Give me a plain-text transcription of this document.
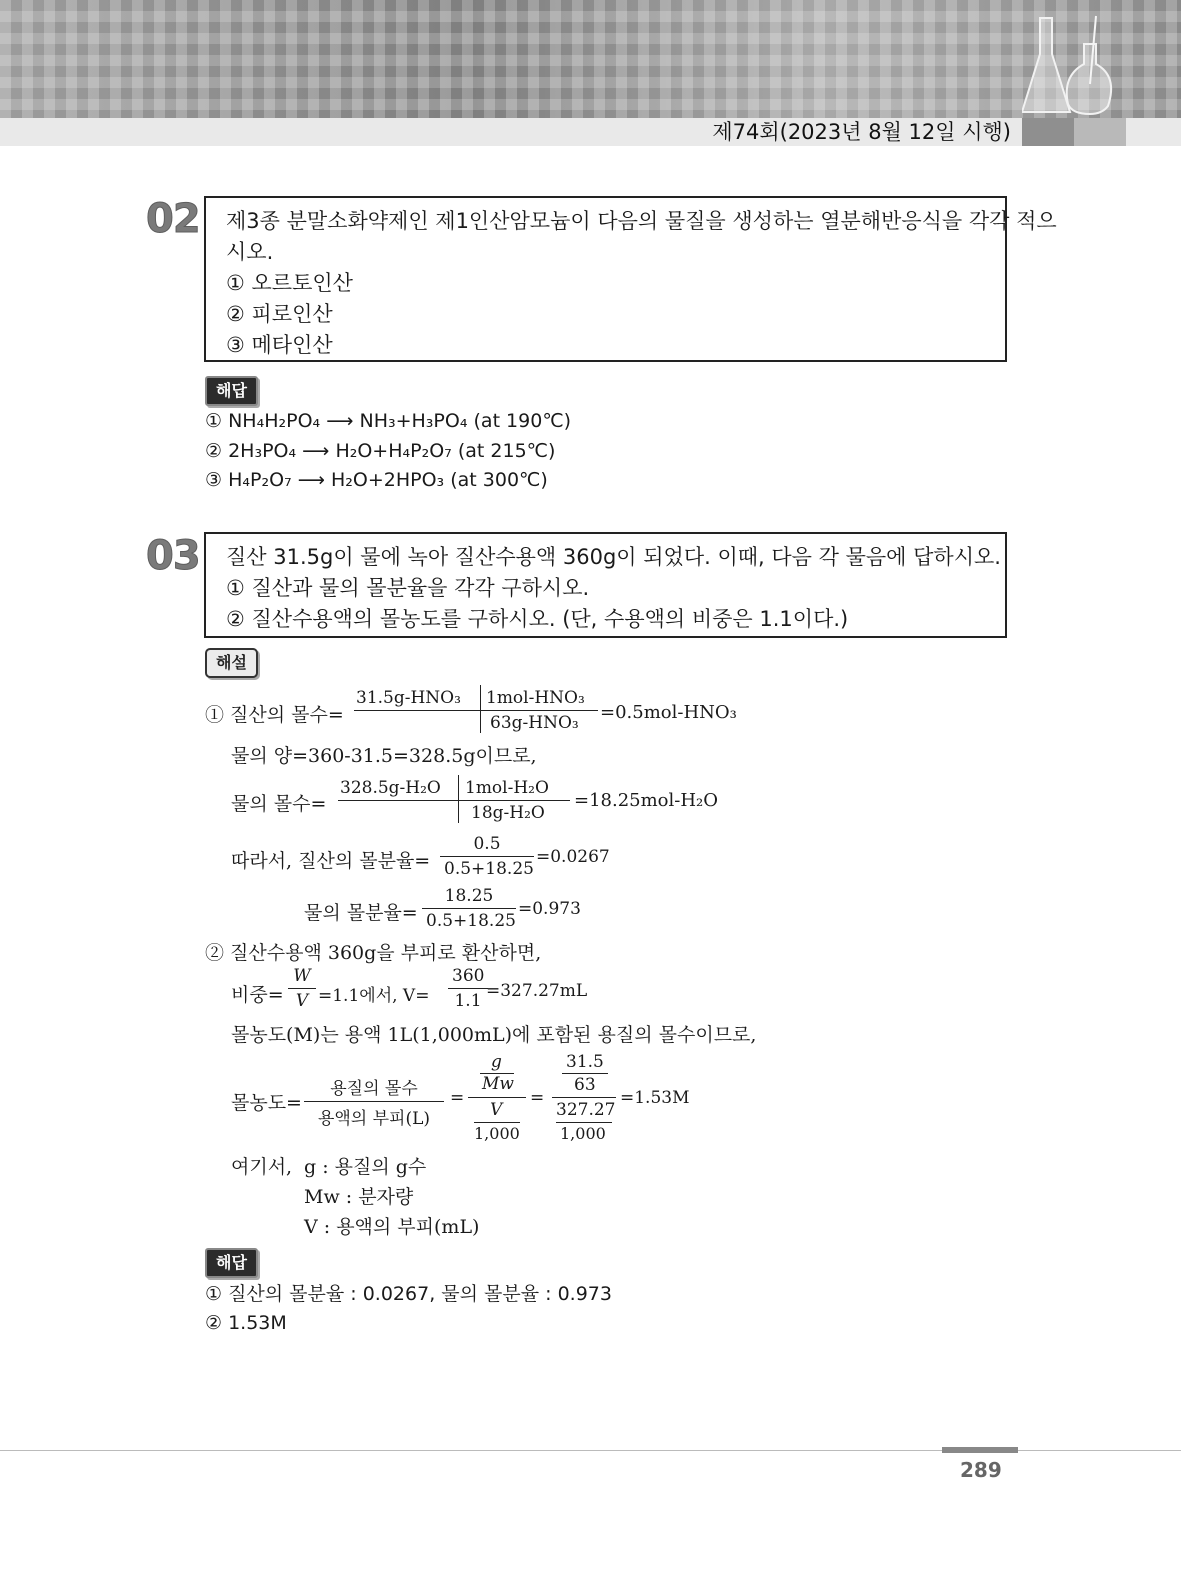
제74회(2023년 8월 12일 시행)
02 제3종 분말소화약제인 제1인산암모늄이 다음의 물질을 생성하는 열분해반응식을 각각 적으
시오.
① 오르토인산
② 피로인산
③ 메타인산
해답
① NH₄H₂PO₄ ⟶ NH₃+H₃PO₄ (at 190℃)
② 2H₃PO₄ ⟶ H₂O+H₄P₂O₇ (at 215℃)
③ H₄P₂O₇ ⟶ H₂O+2HPO₃ (at 300℃)
03 질산 31.5g이 물에 녹아 질산수용액 360g이 되었다. 이때, 다음 각 물음에 답하시오.
① 질산과 물의 몰분율을 각각 구하시오.
② 질산수용액의 몰농도를 구하시오. (단, 수용액의 비중은 1.1이다.)
해설
① 질산의 몰수=
31.5g-HNO₃ 1mol-HNO₃
63g-HNO₃ =0.5mol-HNO₃
물의 양=360-31.5=328.5g이므로,
물의 몰수=
328.5g-H₂O 1mol-H₂O
18g-H₂O
=18.25mol-H₂O
따라서, 질산의 몰분율= $\frac{0.5}{0.5+18.25} =0.0267$
물의 몰분율= $\frac{18.25}{0.5+18.25} =0.973$
② 질산수용액 360g을 부피로 환산하면,
비중= $\frac{W}{V} =1.1$에서, $V= \frac{360}{1.1}$
=327.27mL
몰농도(M)는 용액 1L(1,000mL)에 포함된 용질의 몰수이므로,
몰농도=
용질의 몰수
용액의 부피(L)
=
g
Mw
V
1,000
=
31.5
63
327.27
1,000
=1.53M
여기서, g : 용질의 g수
Mw : 분자량
V : 용액의 부피(mL)
해답
① 질산의 몰분율 : 0.0267, 물의 몰분율 : 0.973
② 1.53M
289
